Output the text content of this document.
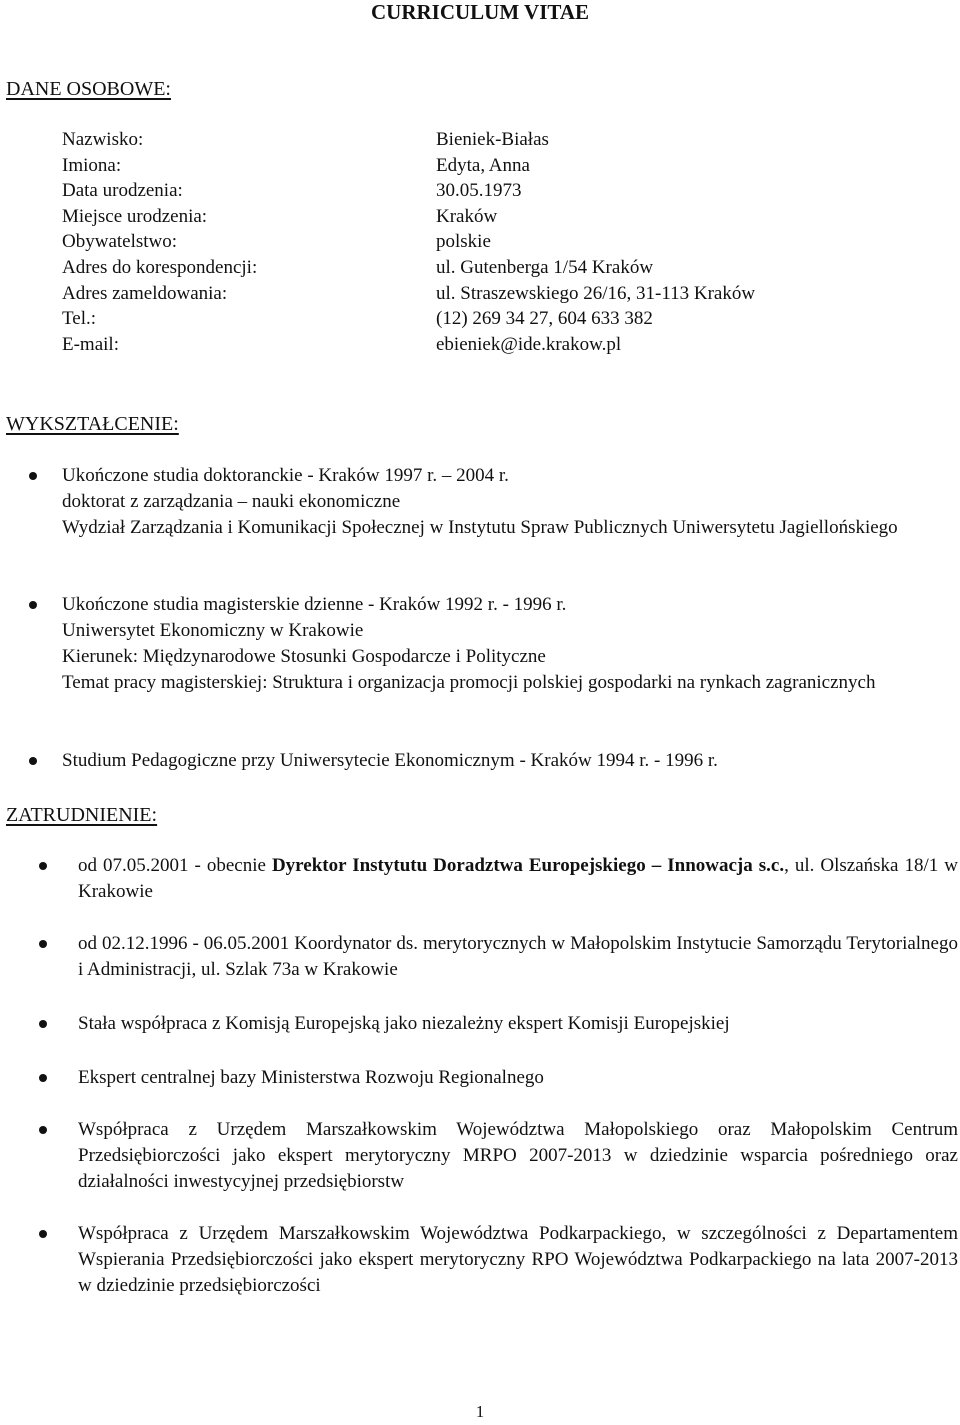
CURRICULUM VITAE
DANE OSOBOWE:
Nazwisko:	Bieniek-Białas
Imiona:	Edyta, Anna
Data urodzenia:	30.05.1973
Miejsce urodzenia:	Kraków
Obywatelstwo:	polskie
Adres do korespondencji:	ul. Gutenberga 1/54 Kraków
Adres zameldowania:	ul. Straszewskiego 26/16, 31-113 Kraków
Tel.:	(12) 269 34 27, 604 633 382
E-mail:	ebieniek@ide.krakow.pl
WYKSZTAŁCENIE:
Ukończone studia doktoranckie - Kraków 1997 r. – 2004 r.
doktorat z zarządzania – nauki ekonomiczne
Wydział Zarządzania i Komunikacji Społecznej w Instytutu Spraw Publicznych Uniwersytetu Jagiellońskiego
Ukończone studia magisterskie dzienne - Kraków 1992 r. - 1996 r.
Uniwersytet Ekonomiczny w Krakowie
Kierunek: Międzynarodowe Stosunki Gospodarcze i Polityczne
Temat pracy magisterskiej: Struktura i organizacja promocji polskiej gospodarki na rynkach zagranicznych
Studium Pedagogiczne przy Uniwersytecie Ekonomicznym - Kraków 1994 r. - 1996 r.
ZATRUDNIENIE:
od 07.05.2001 - obecnie Dyrektor Instytutu Doradztwa Europejskiego – Innowacja s.c., ul. Olszańska 18/1 w Krakowie
od 02.12.1996 - 06.05.2001 Koordynator ds. merytorycznych w Małopolskim Instytucie Samorządu Terytorialnego i Administracji, ul. Szlak 73a w Krakowie
Stała współpraca z Komisją Europejską jako niezależny ekspert Komisji Europejskiej
Ekspert centralnej bazy Ministerstwa Rozwoju Regionalnego
Współpraca z Urzędem Marszałkowskim Województwa Małopolskiego oraz Małopolskim Centrum Przedsiębiorczości jako ekspert merytoryczny MRPO 2007-2013 w dziedzinie wsparcia pośredniego oraz działalności inwestycyjnej przedsiębiorstw
Współpraca z Urzędem Marszałkowskim Województwa Podkarpackiego, w szczególności z Departamentem Wspierania Przedsiębiorczości jako ekspert merytoryczny RPO Województwa Podkarpackiego na lata 2007-2013 w dziedzinie przedsiębiorczości
1
